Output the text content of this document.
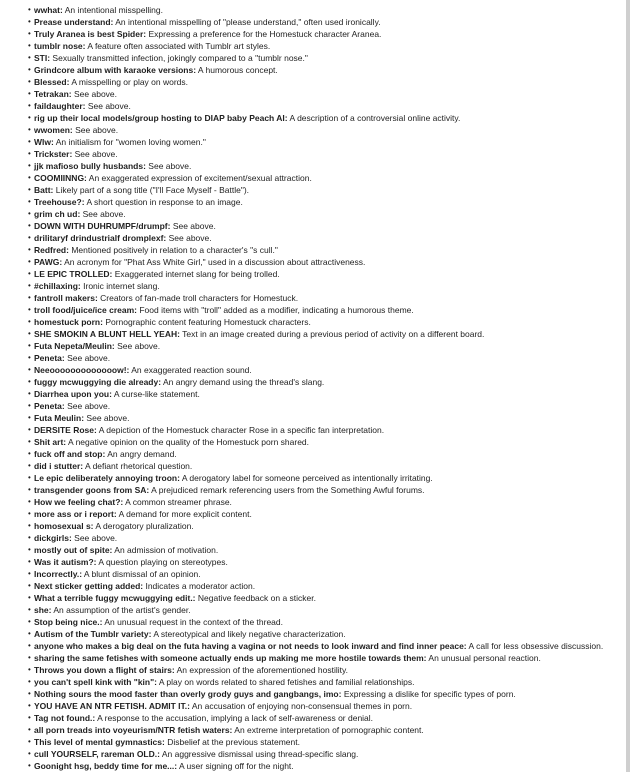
• wwhat: An intentional misspelling.
• Prease understand: An intentional misspelling of "please understand," often used ironically.
• Truly Aranea is best Spider: Expressing a preference for the Homestuck character Aranea.
• tumblr nose: A feature often associated with Tumblr art styles.
• STI: Sexually transmitted infection, jokingly compared to a "tumblr nose."
• Grindcore album with karaoke versions: A humorous concept.
• Blessed: A misspelling or play on words.
• Tetrakan: See above.
• faildaughter: See above.
• rig up their local models/group hosting to DIAP baby Peach AI: A description of a controversial online activity.
• wwomen: See above.
• Wlw: An initialism for "women loving women."
• Trickster: See above.
• jjk mafioso bully husbands: See above.
• COOMIINNG: An exaggerated expression of excitement/sexual attraction.
• Batt: Likely part of a song title ("I'll Face Myself - Battle").
• Treehouse?: A short question in response to an image.
• grim ch ud: See above.
• DOWN WITH DUHRUMPF/drumpf: See above.
• drilitaryf drindustrialf dromplexf: See above.
• Redfred: Mentioned positively in relation to a character's "s cull."
• PAWG: An acronym for "Phat Ass White Girl," used in a discussion about attractiveness.
• LE EPIC TROLLED: Exaggerated internet slang for being trolled.
• #chillaxing: Ironic internet slang.
• fantroll makers: Creators of fan-made troll characters for Homestuck.
• troll food/juice/ice cream: Food items with "troll" added as a modifier, indicating a humorous theme.
• homestuck porn: Pornographic content featuring Homestuck characters.
• SHE SMOKIN A BLUNT HELL YEAH: Text in an image created during a previous period of activity on a different board.
• Futa Nepeta/Meulin: See above.
• Peneta: See above.
• Neeooooooooooooow!: An exaggerated reaction sound.
• fuggy mcwuggying die already: An angry demand using the thread's slang.
• Diarrhea upon you: A curse-like statement.
• Peneta: See above.
• Futa Meulin: See above.
• DERSITE Rose: A depiction of the Homestuck character Rose in a specific fan interpretation.
• Shit art: A negative opinion on the quality of the Homestuck porn shared.
• fuck off and stop: An angry demand.
• did i stutter: A defiant rhetorical question.
• Le epic deliberately annoying troon: A derogatory label for someone perceived as intentionally irritating.
• transgender goons from SA: A prejudiced remark referencing users from the Something Awful forums.
• How we feeling chat?: A common streamer phrase.
• more ass or i report: A demand for more explicit content.
• homosexual s: A derogatory pluralization.
• dickgirls: See above.
• mostly out of spite: An admission of motivation.
• Was it autism?: A question playing on stereotypes.
• Incorrectly.: A blunt dismissal of an opinion.
• Next sticker getting added: Indicates a moderator action.
• What a terrible fuggy mcwuggying edit.: Negative feedback on a sticker.
• she: An assumption of the artist's gender.
• Stop being nice.: An unusual request in the context of the thread.
• Autism of the Tumblr variety: A stereotypical and likely negative characterization.
• anyone who makes a big deal on the futa having a vagina or not needs to look inward and find inner peace: A call for less obsessive discussion.
• sharing the same fetishes with someone actually ends up making me more hostile towards them: An unusual personal reaction.
• Throws you down a flight of stairs: An expression of the aforementioned hostility.
• you can't spell kink with "kin": A play on words related to shared fetishes and familial relationships.
• Nothing sours the mood faster than overly grody guys and gangbangs, imo: Expressing a dislike for specific types of porn.
• YOU HAVE AN NTR FETISH. ADMIT IT.: An accusation of enjoying non-consensual themes in porn.
• Tag not found.: A response to the accusation, implying a lack of self-awareness or denial.
• all porn treads into voyeurism/NTR fetish waters: An extreme interpretation of pornographic content.
• This level of mental gymnastics: Disbelief at the previous statement.
• cull YOURSELF, rareman OLD.: An aggressive dismissal using thread-specific slang.
• Goonight hsg, beddy time for me...: A user signing off for the night.
